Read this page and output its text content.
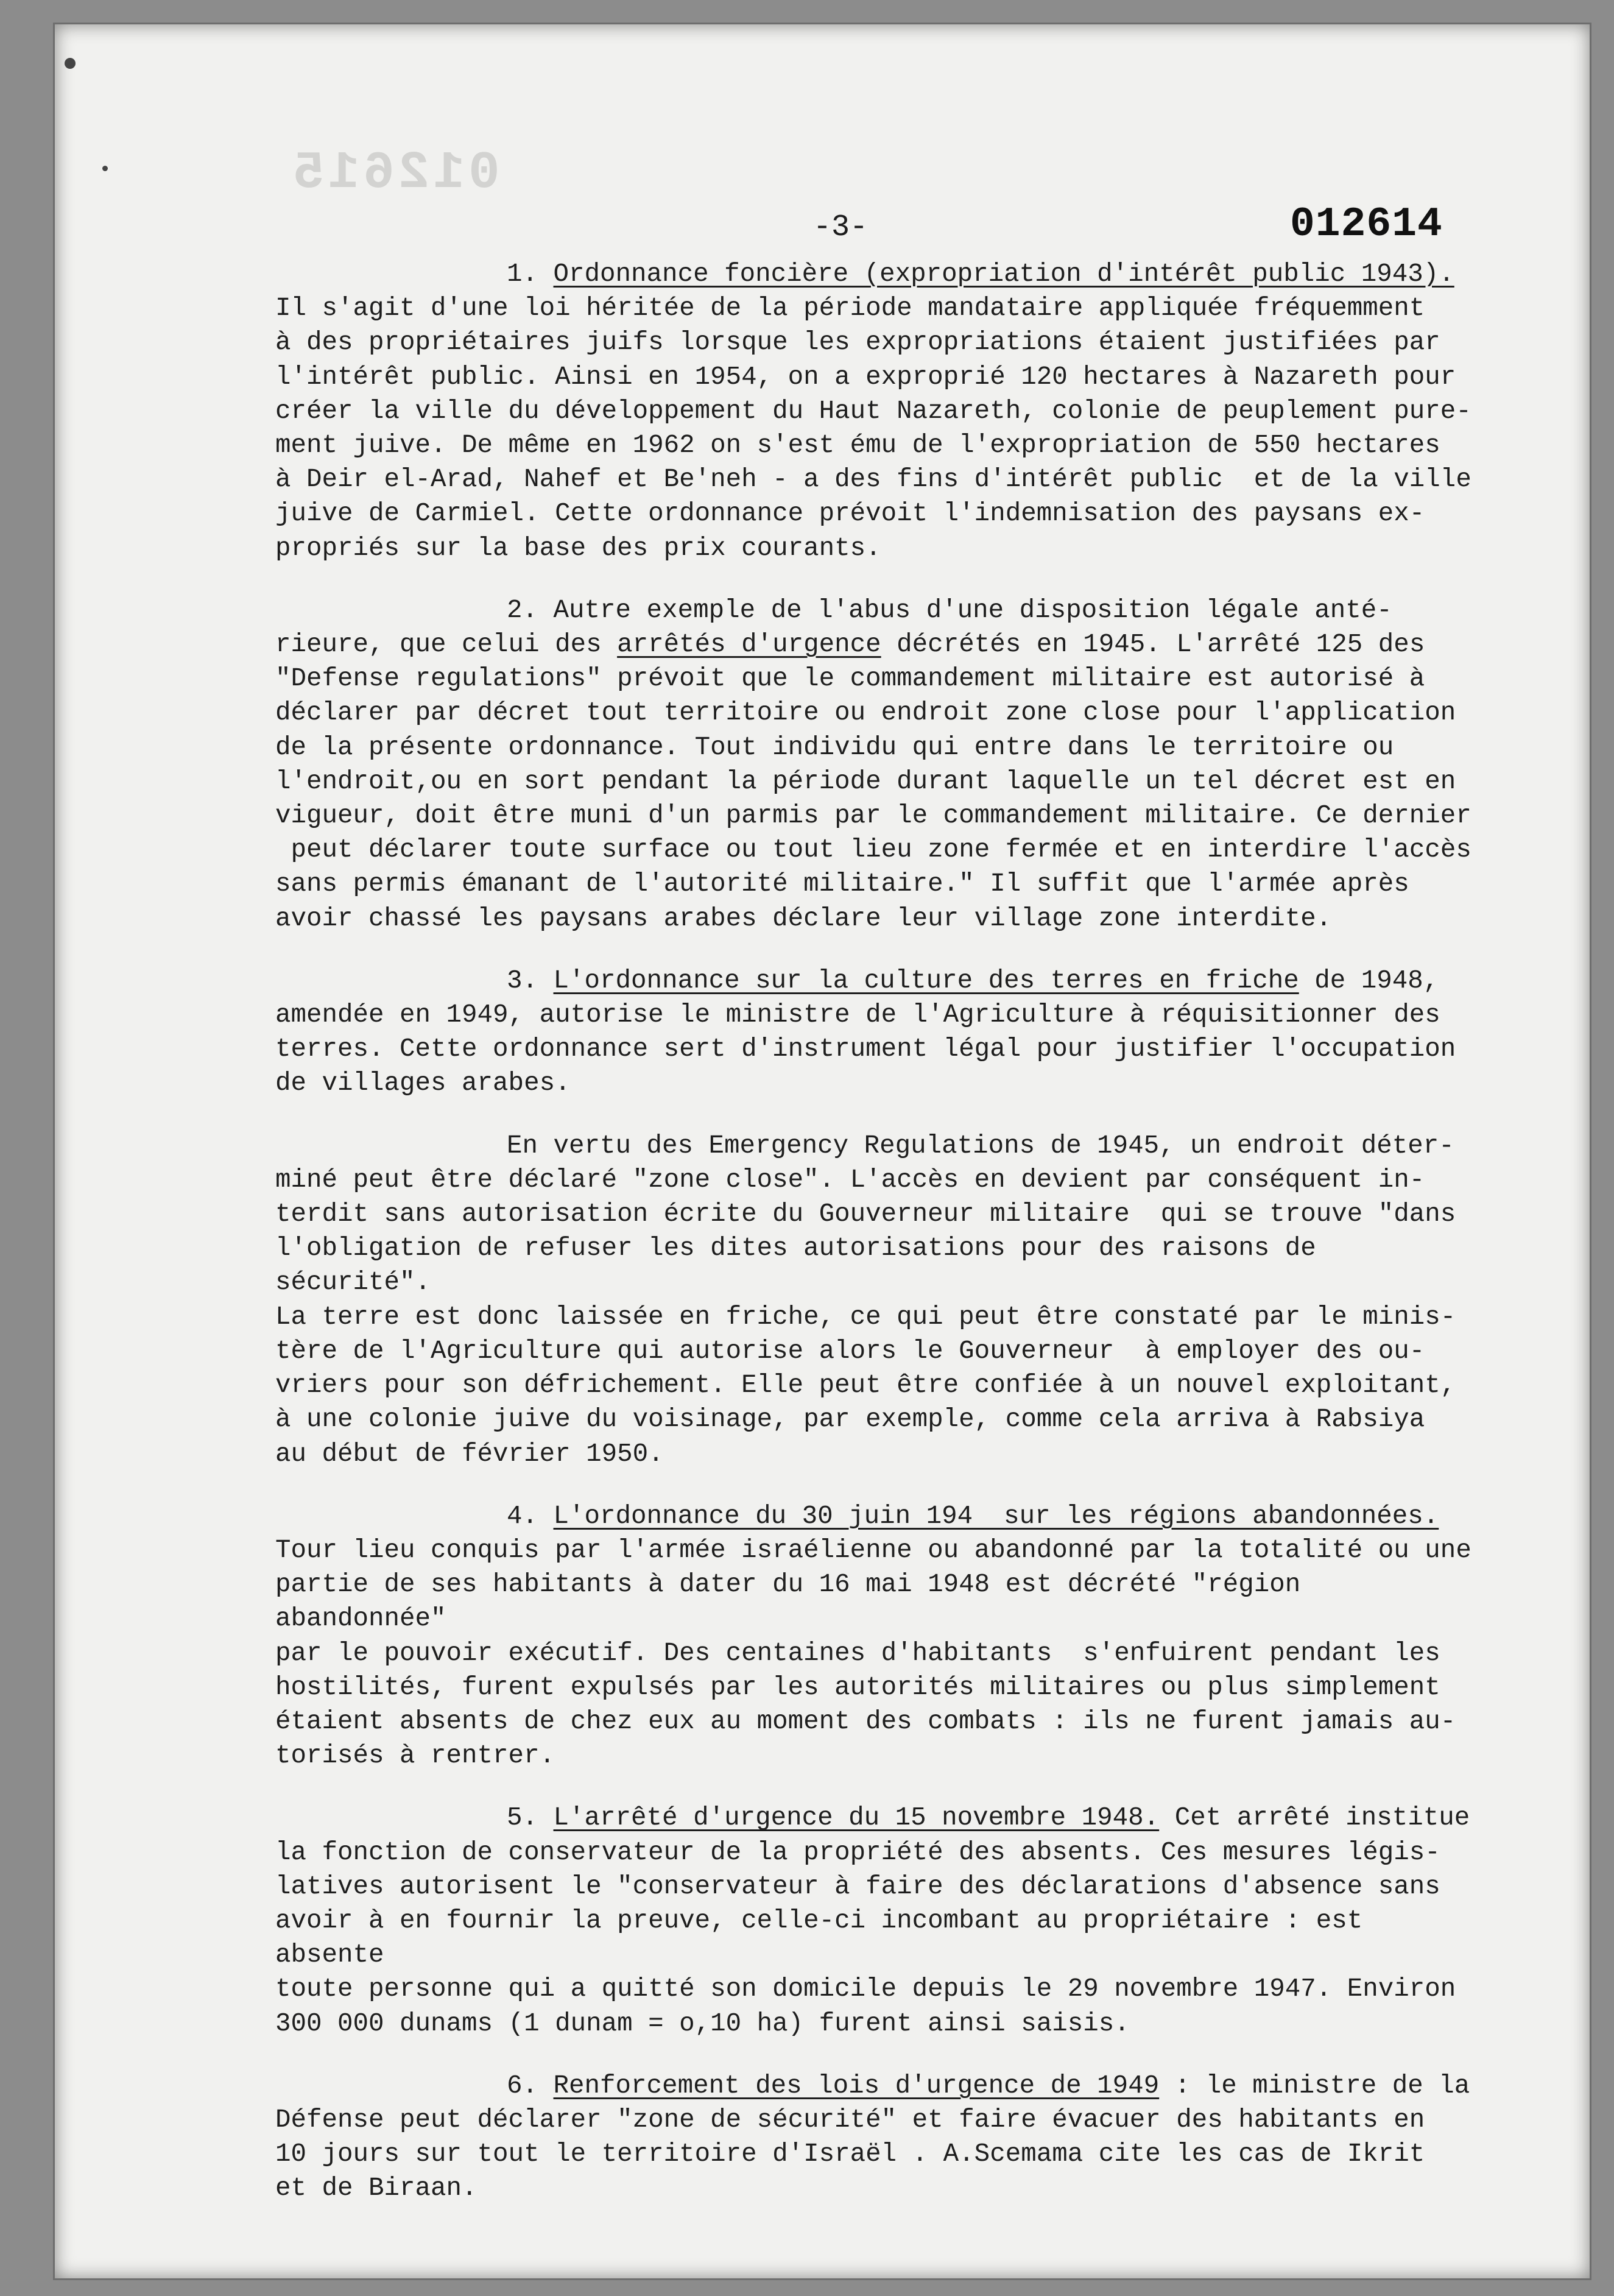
012615
-3-	012614

1. Ordonnance foncière (expropriation d'intérêt public 1943).

Il s'agit d'une loi héritée de la période mandataire appliquée fréquemment

à des propriétaires juifs lorsque les expropriations étaient justifiées par

l'intérêt public. Ainsi en 1954, on a exproprié 120 hectares à Nazareth pour

créer la ville du développement du Haut Nazareth, colonie de peuplement pure-

ment juive. De même en 1962 on s'est ému de l'expropriation de 550 hectares

à Deir el-Arad, Nahef et Be'neh - a des fins d'intérêt public  et de la ville

juive de Carmiel. Cette ordonnance prévoit l'indemnisation des paysans ex-

propriés sur la base des prix courants.

2. Autre exemple de l'abus d'une disposition légale anté-

rieure, que celui des arrêtés d'urgence décrétés en 1945. L'arrêté 125 des

"Defense regulations" prévoit que le commandement militaire est autorisé à

déclarer par décret tout territoire ou endroit zone close pour l'application

de la présente ordonnance. Tout individu qui entre dans le territoire ou

l'endroit,ou en sort pendant la période durant laquelle un tel décret est en

vigueur, doit être muni d'un parmis par le commandement militaire. Ce dernier

peut déclarer toute surface ou tout lieu zone fermée et en interdire l'accès

sans permis émanant de l'autorité militaire." Il suffit que l'armée après

avoir chassé les paysans arabes déclare leur village zone interdite.

3. L'ordonnance sur la culture des terres en friche de 1948,

amendée en 1949, autorise le ministre de l'Agriculture à réquisitionner des

terres. Cette ordonnance sert d'instrument légal pour justifier l'occupation

de villages arabes.

En vertu des Emergency Regulations de 1945, un endroit déter-

miné peut être déclaré "zone close". L'accès en devient par conséquent in-

terdit sans autorisation écrite du Gouverneur militaire  qui se trouve "dans

l'obligation de refuser les dites autorisations pour des raisons de sécurité".

La terre est donc laissée en friche, ce qui peut être constaté par le minis-

tère de l'Agriculture qui autorise alors le Gouverneur  à employer des ou-

vriers pour son défrichement. Elle peut être confiée à un nouvel exploitant,

à une colonie juive du voisinage, par exemple, comme cela arriva à Rabsiya

au début de février 1950.

4. L'ordonnance du 30 juin 194  sur les régions abandonnées.

Tour lieu conquis par l'armée israélienne ou abandonné par la totalité ou une

partie de ses habitants à dater du 16 mai 1948 est décrété "région abandonnée"

par le pouvoir exécutif. Des centaines d'habitants  s'enfuirent pendant les

hostilités, furent expulsés par les autorités militaires ou plus simplement

étaient absents de chez eux au moment des combats : ils ne furent jamais au-

torisés à rentrer.

5. L'arrêté d'urgence du 15 novembre 1948. Cet arrêté institue

la fonction de conservateur de la propriété des absents. Ces mesures légis-

latives autorisent le "conservateur à faire des déclarations d'absence sans

avoir à en fournir la preuve, celle-ci incombant au propriétaire : est absente

toute personne qui a quitté son domicile depuis le 29 novembre 1947. Environ

300 000 dunams (1 dunam = o,10 ha) furent ainsi saisis.

6. Renforcement des lois d'urgence de 1949 : le ministre de la

Défense peut déclarer "zone de sécurité" et faire évacuer des habitants en

10 jours sur tout le territoire d'Israël . A.Scemama cite les cas de Ikrit

et de Biraan.
